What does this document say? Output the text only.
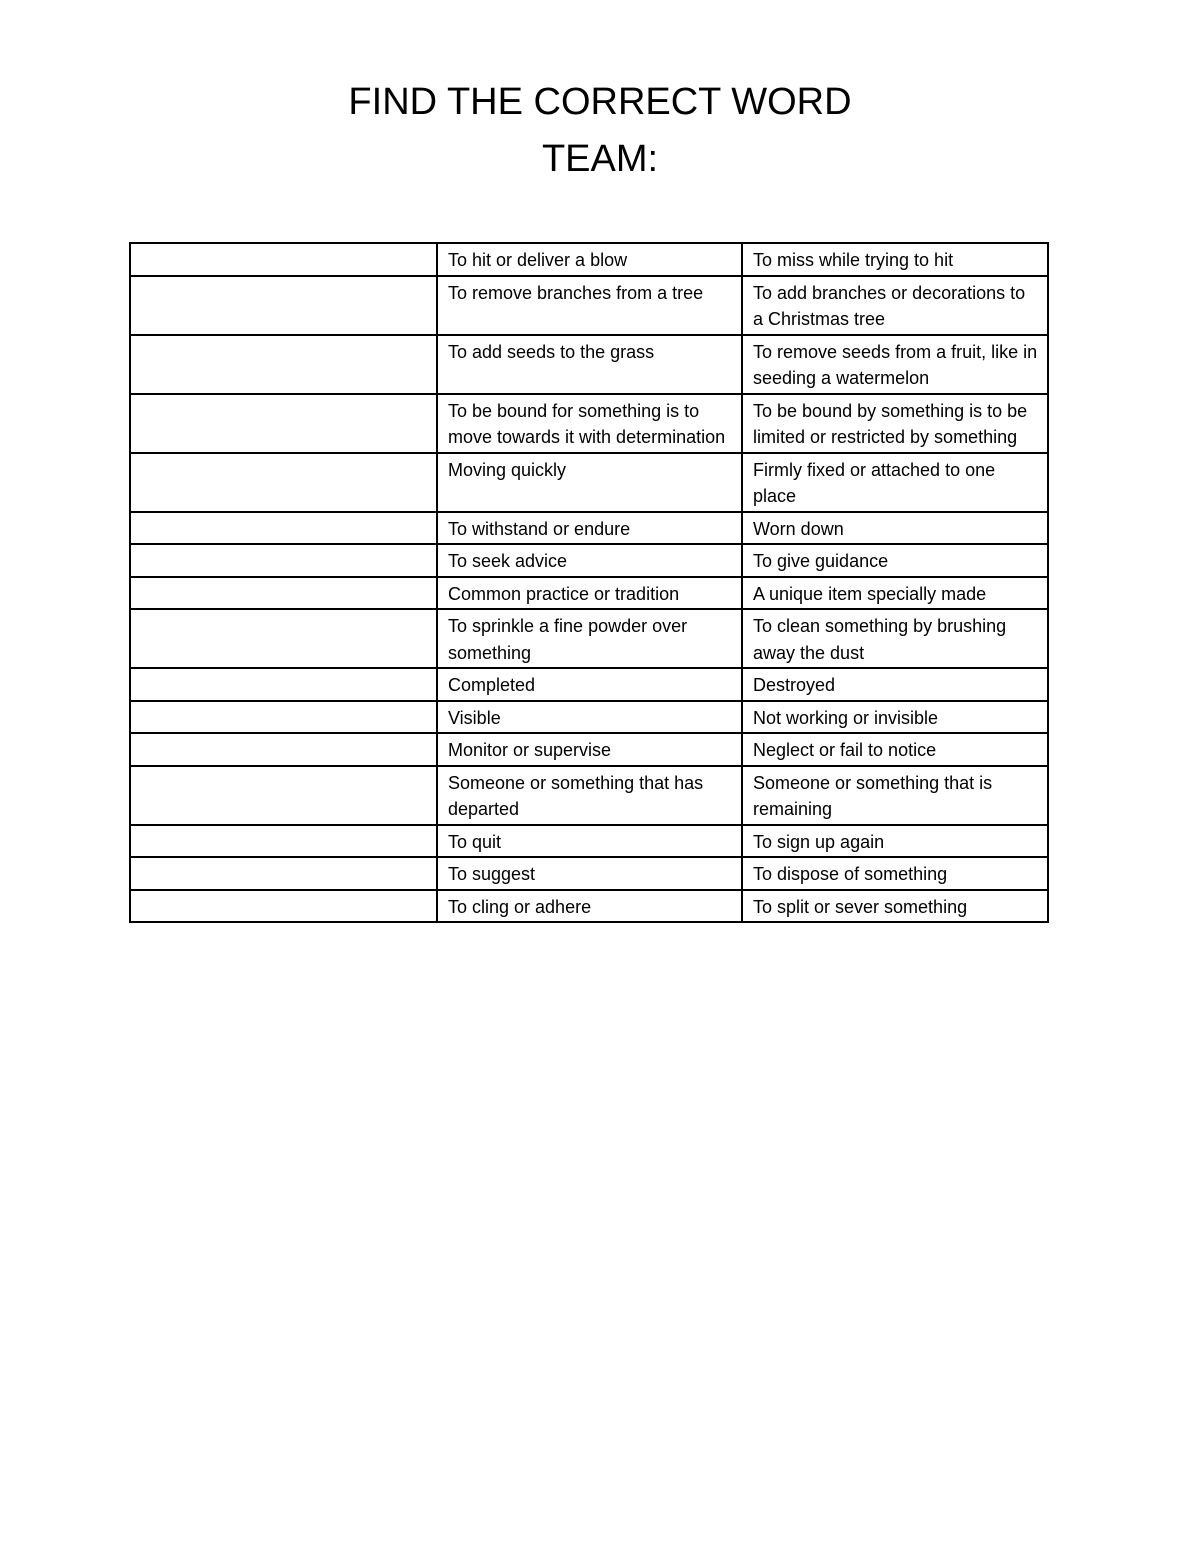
FIND THE CORRECT WORD
TEAM:
	To hit or deliver a blow	To miss while trying to hit
	To remove branches from a tree	To add branches or decorations to a Christmas tree
	To add seeds to the grass	To remove seeds from a fruit, like in seeding a watermelon
	To be bound for something is to move towards it with determination	To be bound by something is to be limited or restricted by something
	Moving quickly	Firmly fixed or attached to one place
	To withstand or endure	Worn down
	To seek advice	To give guidance
	Common practice or tradition	A unique item specially made
	To sprinkle a fine powder over something	To clean something by brushing away the dust
	Completed	Destroyed
	Visible	Not working or invisible
	Monitor or supervise	Neglect or fail to notice
	Someone or something that has departed	Someone or something that is remaining
	To quit	To sign up again
	To suggest	To dispose of something
	To cling or adhere	To split or sever something
